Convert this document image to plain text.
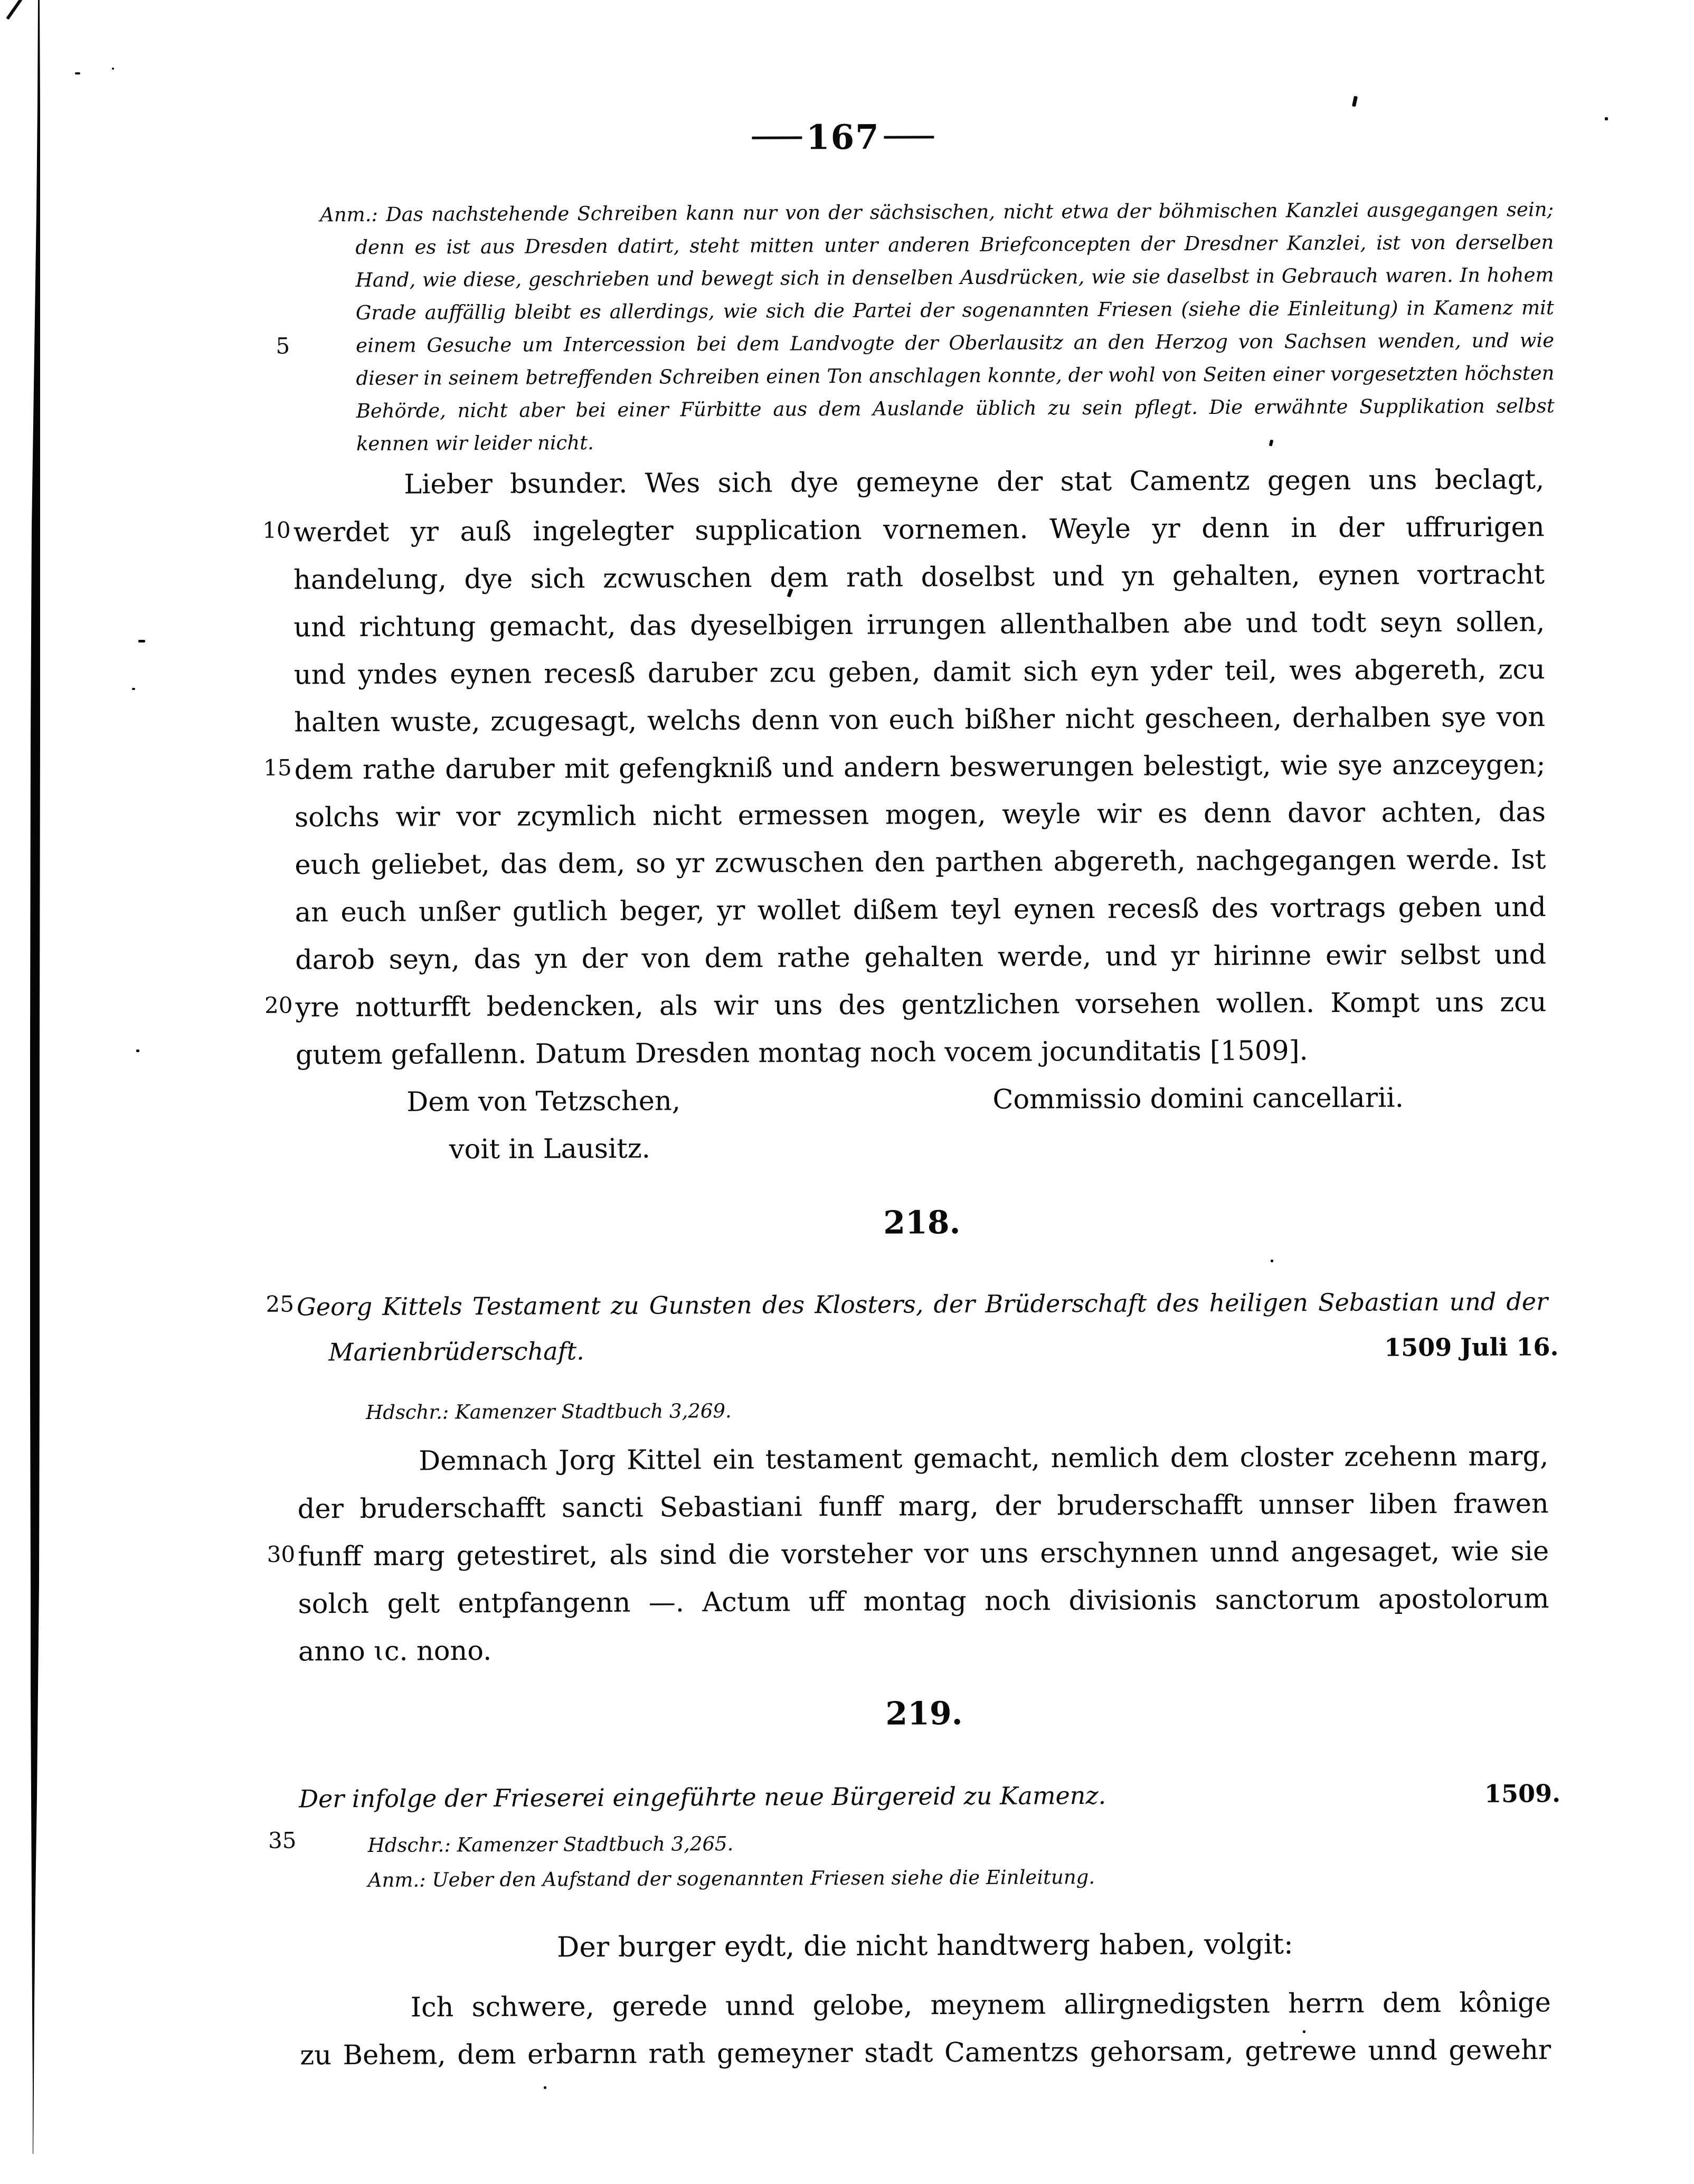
167
5
10
15
20
25
30
35
Anm.: Das nachstehende Schreiben kann nur von der sächsischen, nicht etwa der böhmischen Kanzlei ausgegangen sein;
denn es ist aus Dresden datirt, steht mitten unter anderen Briefconcepten der Dresdner Kanzlei, ist von derselben
Hand, wie diese, geschrieben und bewegt sich in denselben Ausdrücken, wie sie daselbst in Gebrauch waren. In hohem
Grade auffällig bleibt es allerdings, wie sich die Partei der sogenannten Friesen (siehe die Einleitung) in Kamenz mit
einem Gesuche um Intercession bei dem Landvogte der Oberlausitz an den Herzog von Sachsen wenden, und wie
dieser in seinem betreffenden Schreiben einen Ton anschlagen konnte, der wohl von Seiten einer vorgesetzten höchsten
Behörde, nicht aber bei einer Fürbitte aus dem Auslande üblich zu sein pflegt. Die erwähnte Supplikation selbst
kennen wir leider nicht.
Lieber bsunder. Wes sich dye gemeyne der stat Camentz gegen uns beclagt,
werdet yr auß ingelegter supplication vornemen. Weyle yr denn in der uffrurigen
handelung, dye sich zcwuschen dem rath doselbst und yn gehalten, eynen vortracht
und richtung gemacht, das dyeselbigen irrungen allenthalben abe und todt seyn sollen,
und yndes eynen recesß daruber zcu geben, damit sich eyn yder teil, wes abgereth, zcu
halten wuste, zcugesagt, welchs denn von euch bißher nicht gescheen, derhalben sye von
dem rathe daruber mit gefengkniß und andern beswerungen belestigt, wie sye anzceygen;
solchs wir vor zcymlich nicht ermessen mogen, weyle wir es denn davor achten, das
euch geliebet, das dem, so yr zcwuschen den parthen abgereth, nachgegangen werde. Ist
an euch unßer gutlich beger, yr wollet dißem teyl eynen recesß des vortrags geben und
darob seyn, das yn der von dem rathe gehalten werde, und yr hirinne ewir selbst und
yre notturfft bedencken, als wir uns des gentzlichen vorsehen wollen. Kompt uns zcu
gutem gefallenn. Datum Dresden montag noch vocem jocunditatis [1509].
Dem von Tetzschen,	Commissio domini cancellarii.
voit in Lausitz.
218.
Georg Kittels Testament zu Gunsten des Klosters, der Brüderschaft des heiligen Sebastian und der
Marienbrüderschaft.	1509 Juli 16.
Hdschr.: Kamenzer Stadtbuch 3,269.
Demnach Jorg Kittel ein testament gemacht, nemlich dem closter zcehenn marg,
der bruderschafft sancti Sebastiani funff marg, der bruderschafft unnser liben frawen
funff marg getestiret, als sind die vorsteher vor uns erschynnen unnd angesaget, wie sie
solch gelt entpfangenn —. Actum uff montag noch divisionis sanctorum apostolorum
anno ɩc. nono.
219.
Der infolge der Frieserei eingeführte neue Bürgereid zu Kamenz.	1509.
Hdschr.: Kamenzer Stadtbuch 3,265.
Anm.: Ueber den Aufstand der sogenannten Friesen siehe die Einleitung.
Der burger eydt, die nicht handtwerg haben, volgit:
Ich schwere, gerede unnd gelobe, meynem allirgnedigsten herrn dem kônige
zu Behem, dem erbarnn rath gemeyner stadt Camentzs gehorsam, getrewe unnd gewehr
